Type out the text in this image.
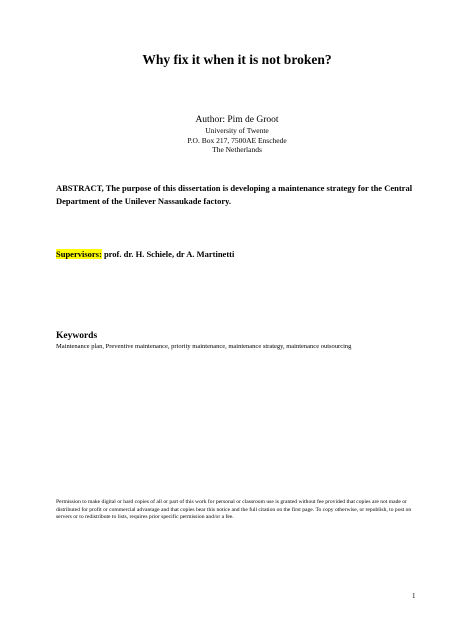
Why fix it when it is not broken?

Author: Pim de Groot

University of Twente

P.O. Box 217, 7500AE Enschede

The Netherlands

ABSTRACT, The purpose of this dissertation is developing a maintenance strategy for the Central Department of the Unilever Nassaukade factory.

Supervisors: prof. dr. H. Schiele, dr A. Martinetti

Keywords

Maintenance plan, Preventive maintenance, priority maintenance, maintenance strategy, maintenance outsourcing

Permission to make digital or hard copies of all or part of this work for personal or classroom use is granted without fee provided that copies are not made or distributed for profit or commercial advantage and that copies bear this notice and the full citation on the first page. To copy otherwise, or republish, to post on servers or to redistribute to lists, requires prior specific permission and/or a fee.

1
